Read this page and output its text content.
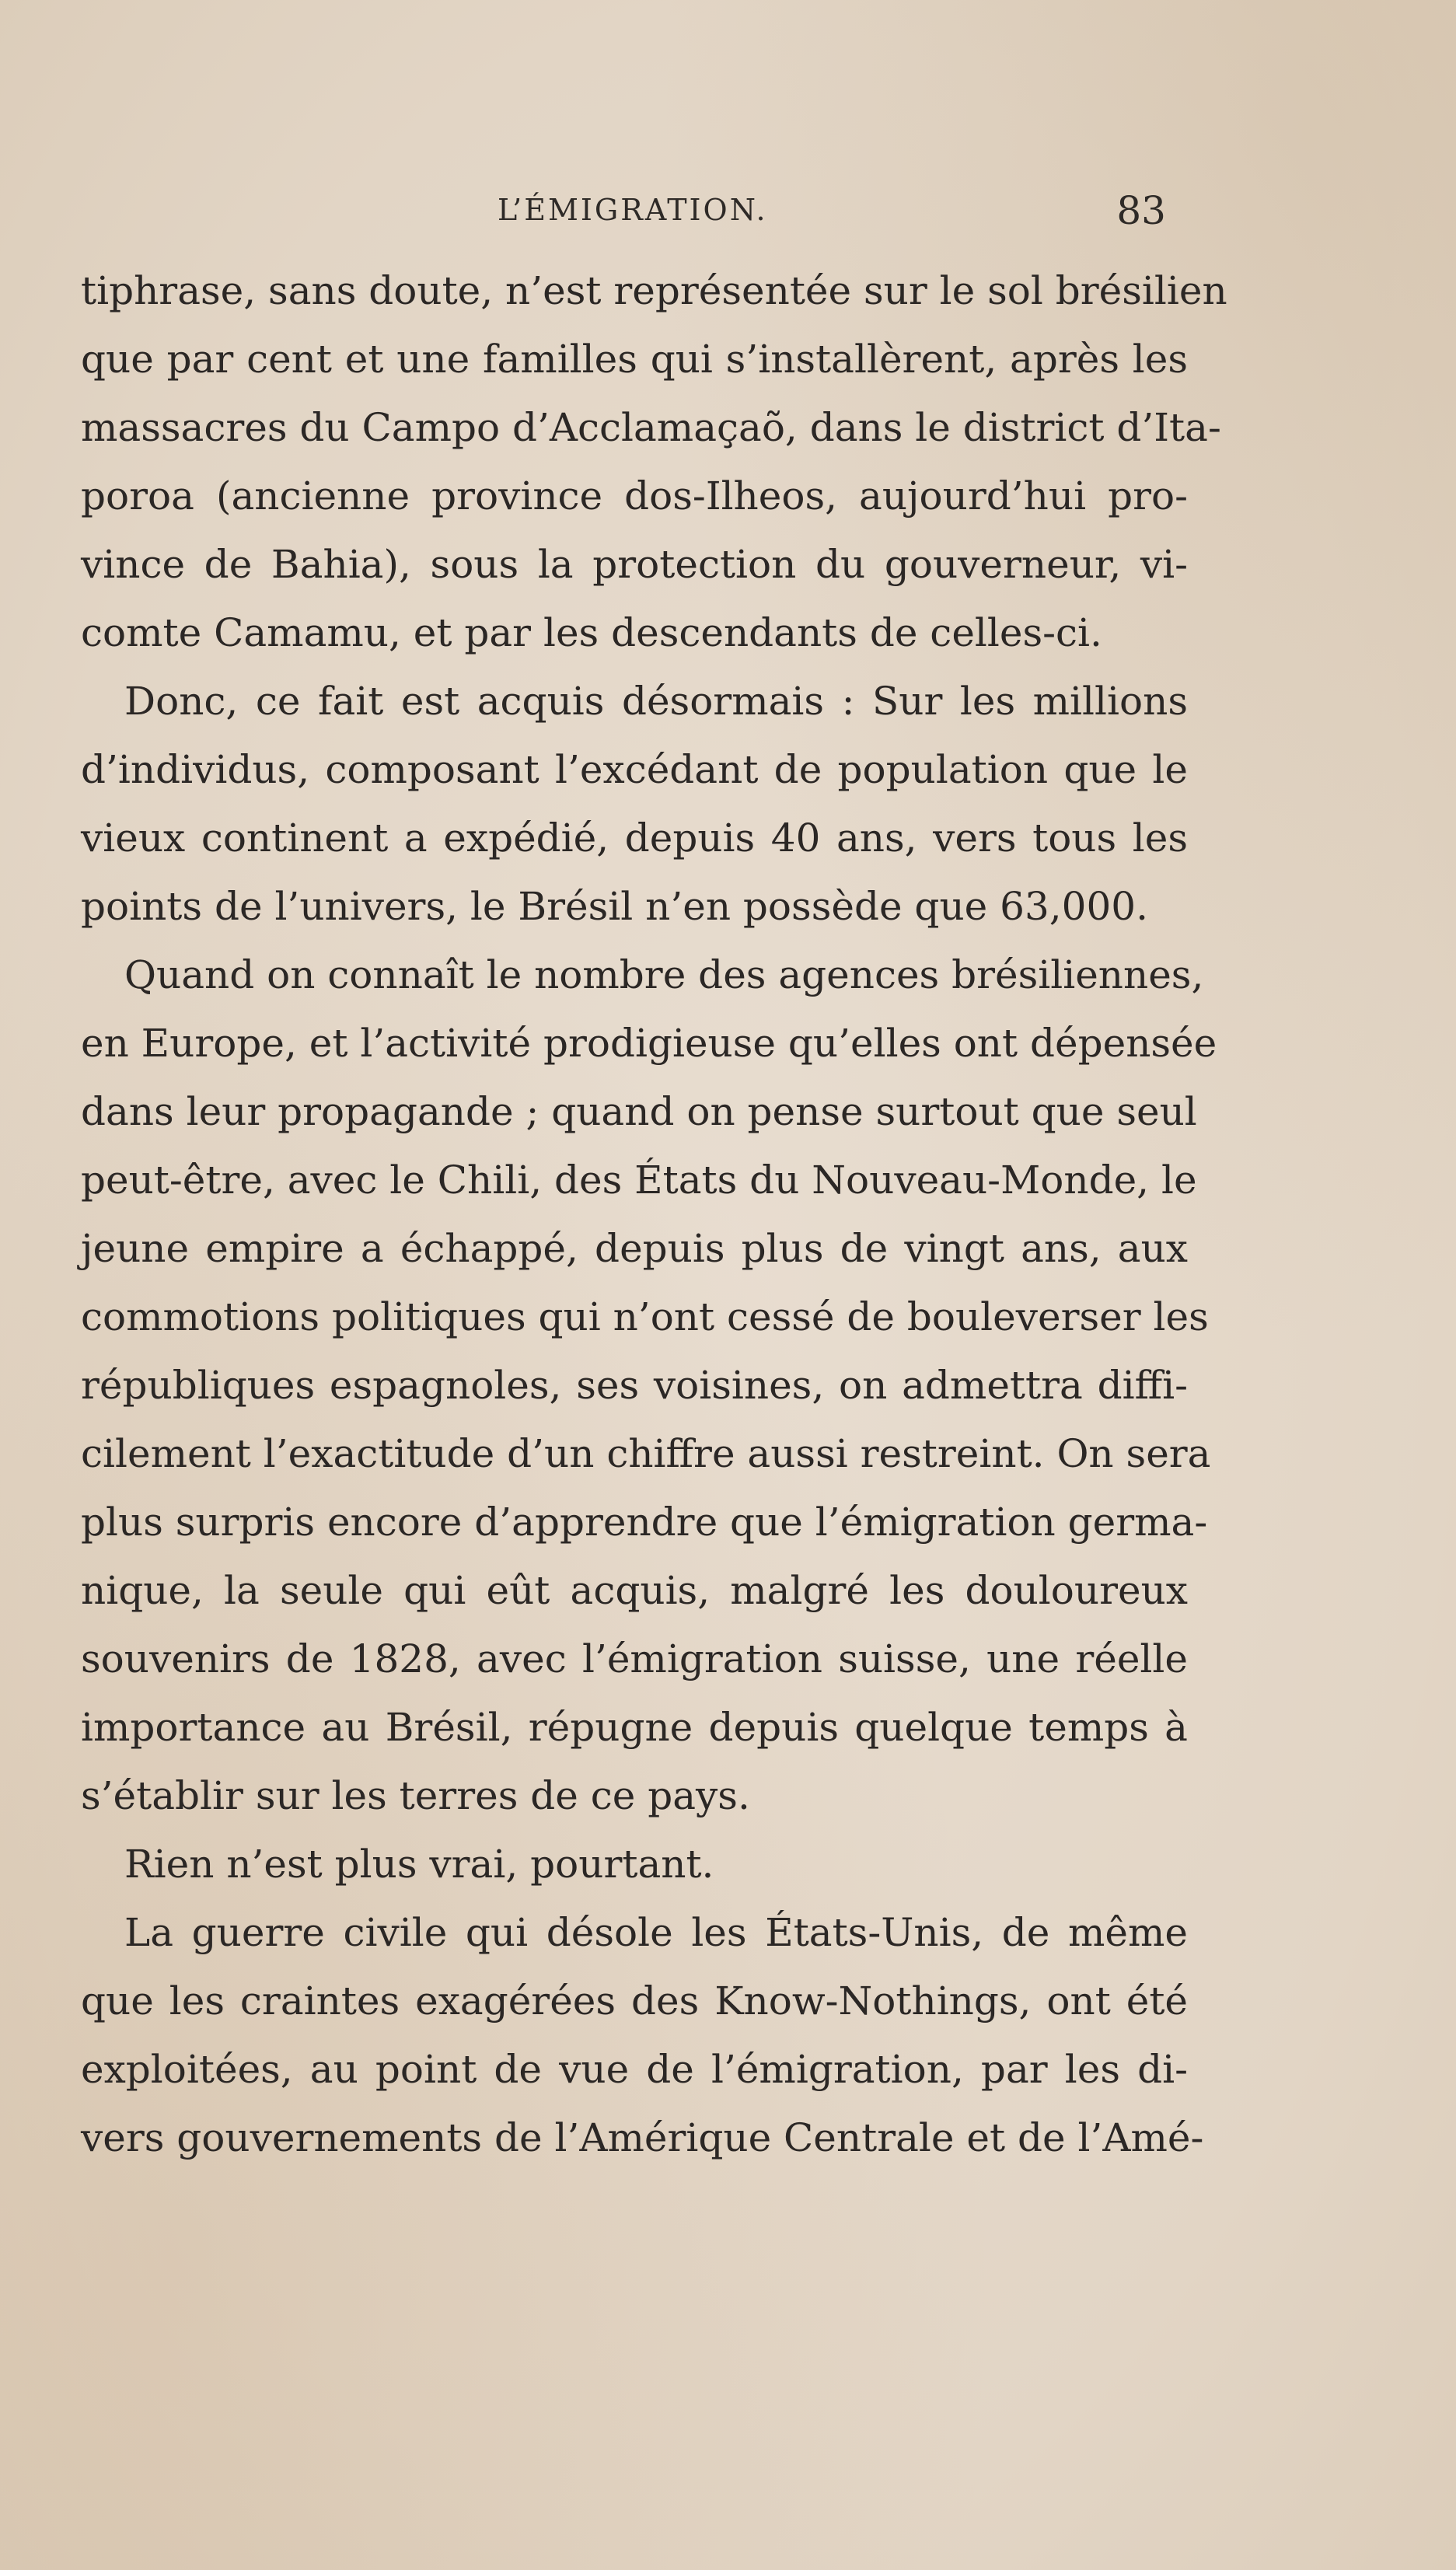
L’ÉMIGRATION.	83
tiphrase, sans doute, n’est représentée sur le sol brésilien
que par cent et une familles qui s’installèrent, après les
massacres du Campo d’Acclamaçaõ, dans le district d’Ita-
poroa (ancienne province dos-Ilheos, aujourd’hui pro-
vince de Bahia), sous la protection du gouverneur, vi-
comte Camamu, et par les descendants de celles-ci.
Donc, ce fait est acquis désormais : Sur les millions
d’individus, composant l’excédant de population que le
vieux continent a expédié, depuis 40 ans, vers tous les
points de l’univers, le Brésil n’en possède que 63,000.
Quand on connaît le nombre des agences brésiliennes,
en Europe, et l’activité prodigieuse qu’elles ont dépensée
dans leur propagande ; quand on pense surtout que seul
peut-être, avec le Chili, des États du Nouveau-Monde, le
jeune empire a échappé, depuis plus de vingt ans, aux
commotions politiques qui n’ont cessé de bouleverser les
républiques espagnoles, ses voisines, on admettra diffi-
cilement l’exactitude d’un chiffre aussi restreint. On sera
plus surpris encore d’apprendre que l’émigration germa-
nique, la seule qui eût acquis, malgré les douloureux
souvenirs de 1828, avec l’émigration suisse, une réelle
importance au Brésil, répugne depuis quelque temps à
s’établir sur les terres de ce pays.
Rien n’est plus vrai, pourtant.
La guerre civile qui désole les États-Unis, de même
que les craintes exagérées des Know-Nothings, ont été
exploitées, au point de vue de l’émigration, par les di-
vers gouvernements de l’Amérique Centrale et de l’Amé-
